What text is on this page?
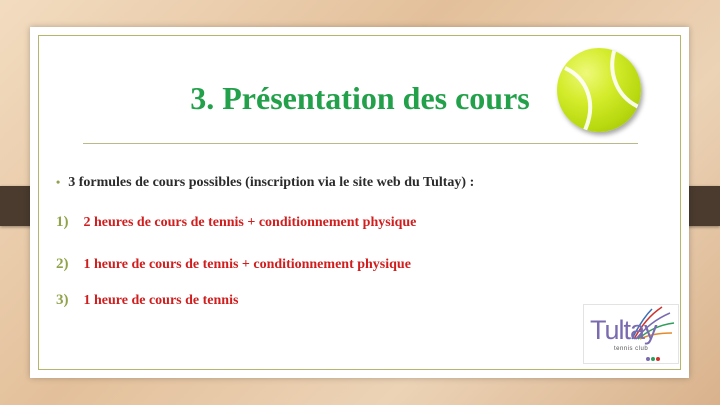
3. Présentation des cours
• 3 formules de cours possibles (inscription via le site web du Tultay) :
1) 2 heures de cours de tennis + conditionnement physique
2) 1 heure de cours de tennis + conditionnement physique
3) 1 heure de cours de tennis
Tultay
tennis club
